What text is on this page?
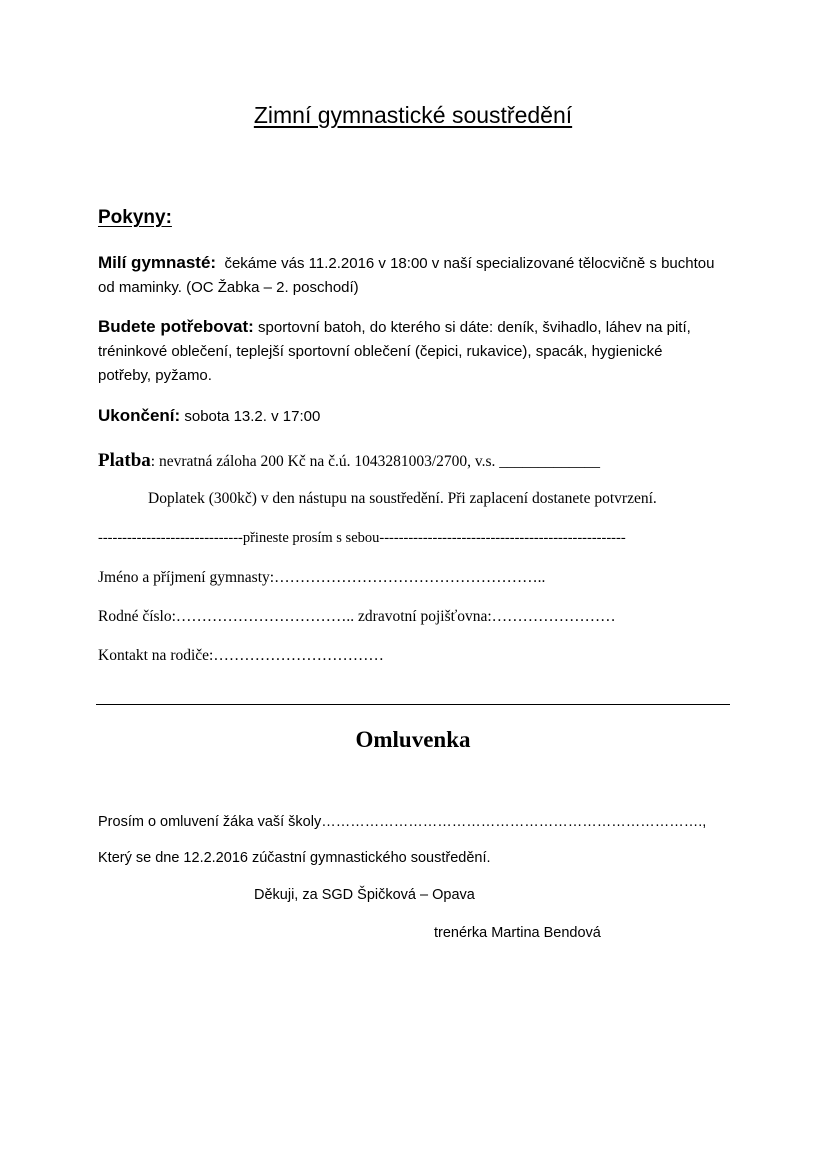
Zimní gymnastické soustředění
Pokyny:
Milí gymnasté: čekáme vás 11.2.2016 v 18:00 v naší specializované tělocvičně s buchtou
od maminky. (OC Žabka – 2. poschodí)
Budete potřebovat: sportovní batoh, do kterého si dáte: deník, švihadlo, láhev na pití,
tréninkové oblečení, teplejší sportovní oblečení (čepici, rukavice), spacák, hygienické
potřeby, pyžamo.
Ukončení: sobota 13.2. v 17:00
Platba: nevratná záloha 200 Kč na č.ú. 1043281003/2700, v.s. _____________
Doplatek (300kč) v den nástupu na soustředění. Při zaplacení dostanete potvrzení.
------------------------------přineste prosím s sebou---------------------------------------------------
Jméno a příjmení gymnasty:……………………………………………..
Rodné číslo:…………………………….. zdravotní pojišťovna:……………………
Kontakt na rodiče:……………………………
Omluvenka
Prosím o omluvení žáka vaší školy…………………………………………………………………….,
Který se dne 12.2.2016 zúčastní gymnastického soustředění.
Děkuji, za SGD Špičková – Opava
trenérka Martina Bendová
